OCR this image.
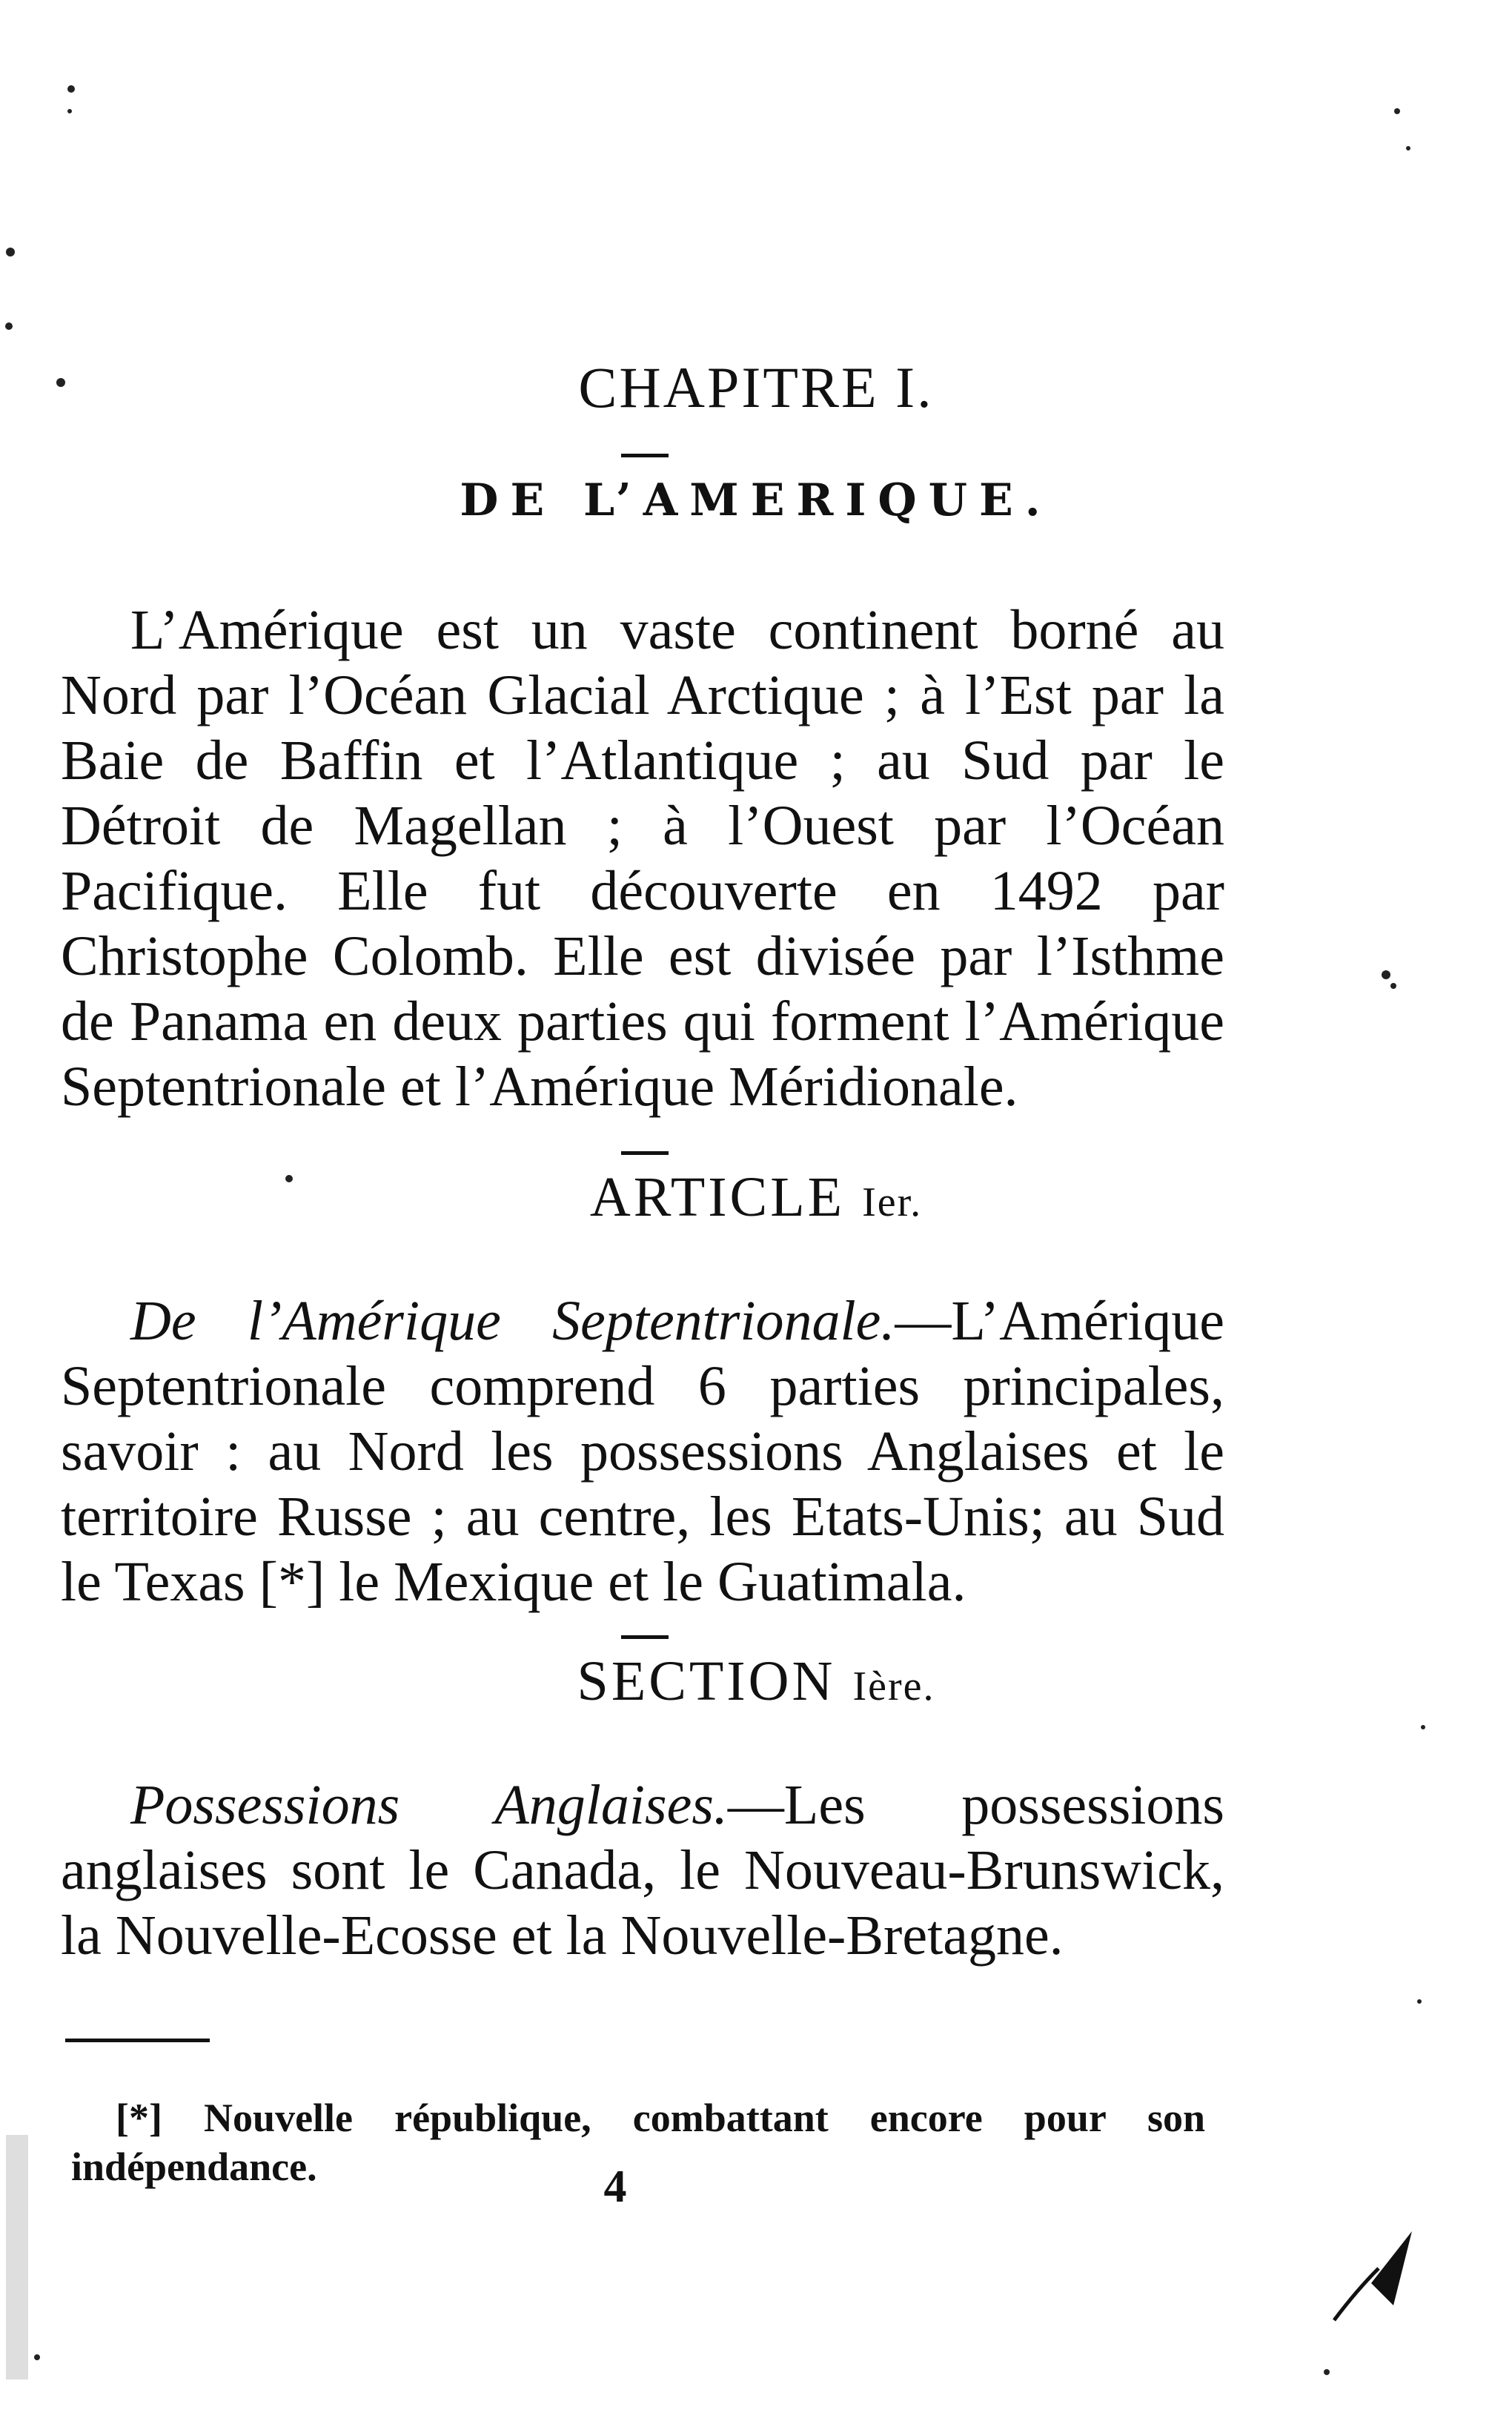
CHAPITRE I.
DE L’AMERIQUE.

L’Amérique est un vaste continent borné au Nord par l’Océan Glacial Arctique ; à l’Est par la Baie de Baffin et l’Atlantique ; au Sud par le Détroit de Magellan ; à l’Ouest par l’Océan Pacifique. Elle fut découverte en 1492 par Christophe Colomb. Elle est divisée par l’Isthme de Panama en deux parties qui forment l’Amérique Septentrionale et l’Amérique Méridionale.

ARTICLE Ier.

De l’Amérique Septentrionale.—L’Amérique Septentrionale comprend 6 parties principales, savoir : au Nord les possessions Anglaises et le territoire Russe ; au centre, les Etats-Unis; au Sud le Texas [*] le Mexique et le Guatimala.

SECTION Ière.

Possessions Anglaises.—Les possessions anglaises sont le Canada, le Nouveau-Brunswick, la Nouvelle-Ecosse et la Nouvelle-Bretagne.

[*] Nouvelle république, combattant encore pour son indépendance.	4
